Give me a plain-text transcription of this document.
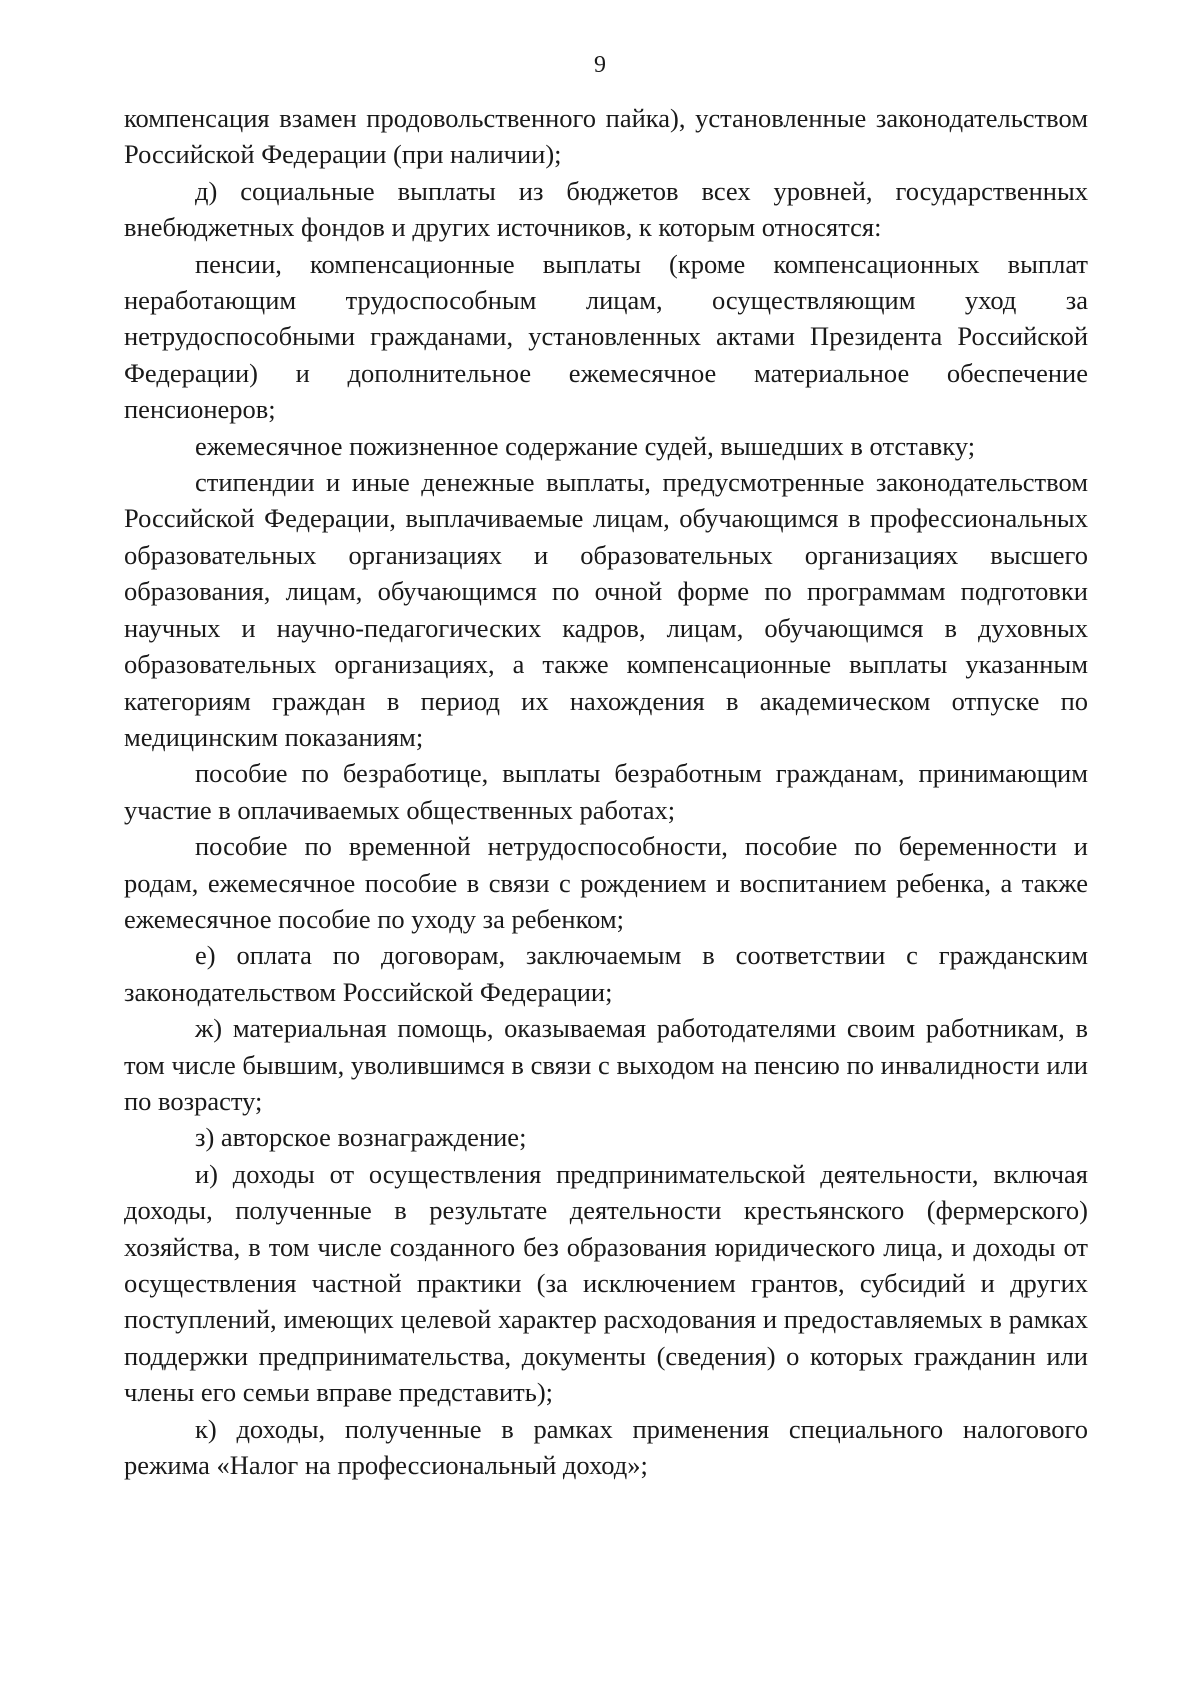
9

компенсация взамен продовольственного пайка), установленные законодательством Российской Федерации (при наличии);

д) социальные выплаты из бюджетов всех уровней, государственных внебюджетных фондов и других источников, к которым относятся:

пенсии, компенсационные выплаты (кроме компенсационных выплат неработающим трудоспособным лицам, осуществляющим уход за нетрудоспособными гражданами, установленных актами Президента Российской Федерации) и дополнительное ежемесячное материальное обеспечение пенсионеров;

ежемесячное пожизненное содержание судей, вышедших в отставку;

стипендии и иные денежные выплаты, предусмотренные законодательством Российской Федерации, выплачиваемые лицам, обучающимся в профессиональных образовательных организациях и образовательных организациях высшего образования, лицам, обучающимся по очной форме по программам подготовки научных и научно-педагогических кадров, лицам, обучающимся в духовных образовательных организациях, а также компенсационные выплаты указанным категориям граждан в период их нахождения в академическом отпуске по медицинским показаниям;

пособие по безработице, выплаты безработным гражданам, принимающим участие в оплачиваемых общественных работах;

пособие по временной нетрудоспособности, пособие по беременности и родам, ежемесячное пособие в связи с рождением и воспитанием ребенка, а также ежемесячное пособие по уходу за ребенком;

е) оплата по договорам, заключаемым в соответствии с гражданским законодательством Российской Федерации;

ж) материальная помощь, оказываемая работодателями своим работникам, в том числе бывшим, уволившимся в связи с выходом на пенсию по инвалидности или по возрасту;

з) авторское вознаграждение;

и) доходы от осуществления предпринимательской деятельности, включая доходы, полученные в результате деятельности крестьянского (фермерского) хозяйства, в том числе созданного без образования юридического лица, и доходы от осуществления частной практики (за исключением грантов, субсидий и других поступлений, имеющих целевой характер расходования и предоставляемых в рамках поддержки предпринимательства, документы (сведения) о которых гражданин или члены его семьи вправе представить);

к) доходы, полученные в рамках применения специального налогового режима «Налог на профессиональный доход»;
